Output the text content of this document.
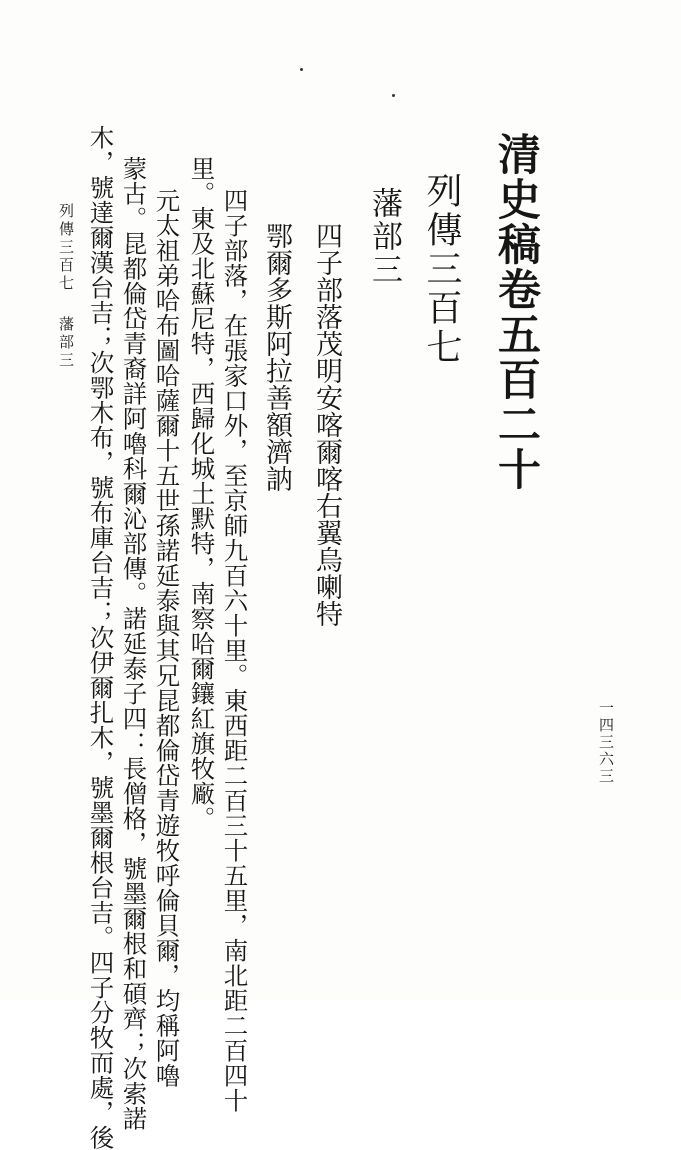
清史稿卷五百二十
列傳三百七
藩部三
四子部落茂明安喀爾喀右翼烏喇特
鄂爾多斯阿拉善額濟訥
四子部落，在張家口外，至京師九百六十里。東西距二百三十五里，南北距二百四十
里。東及北蘇尼特，西歸化城土默特，南察哈爾鑲紅旗牧廠。
元太祖弟哈布圖哈薩爾十五世孫諾延泰與其兄昆都倫岱青遊牧呼倫貝爾，均稱阿嚕
蒙古。昆都倫岱青裔詳阿嚕科爾沁部傳。諾延泰子四：長僧格，號墨爾根和碩齊；次索諾
木，號達爾漢台吉；次鄂木布，號布庫台吉；次伊爾扎木，號墨爾根台吉。四子分牧而處，後
列傳三百七
藩部三
一四三六三
